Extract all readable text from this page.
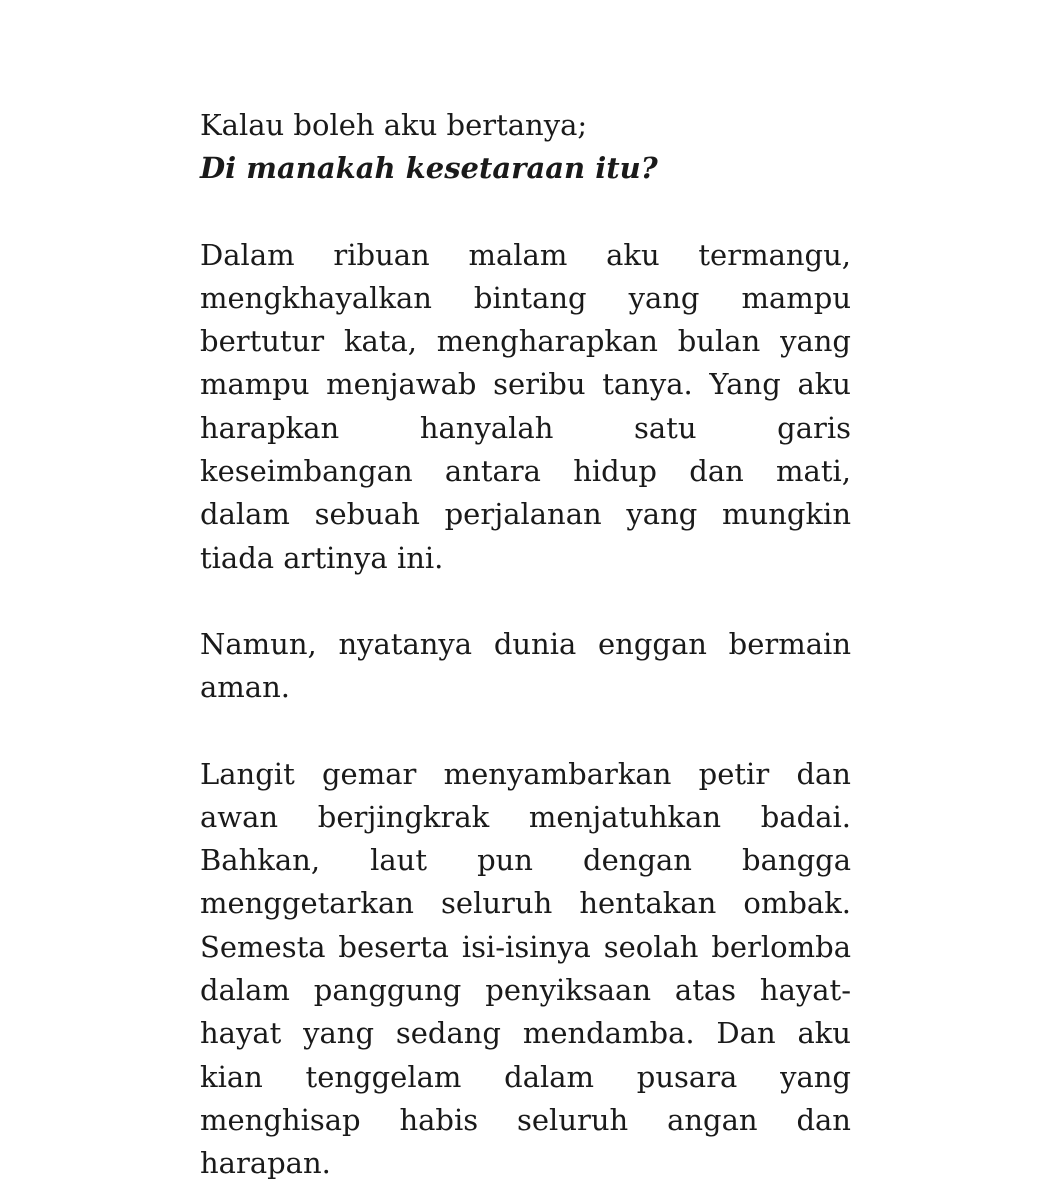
Kalau boleh aku bertanya;

Di manakah kesetaraan itu?

Dalam ribuan malam aku termangu, mengkhayalkan bintang yang mampu bertutur kata, mengharapkan bulan yang mampu menjawab seribu tanya. Yang aku harapkan hanyalah satu garis keseimbangan antara hidup dan mati, dalam sebuah perjalanan yang mungkin tiada artinya ini.

Namun, nyatanya dunia enggan bermain aman.

Langit gemar menyambarkan petir dan awan berjingkrak menjatuhkan badai. Bahkan, laut pun dengan bangga menggetarkan seluruh hentakan ombak. Semesta beserta isi-isinya seolah berlomba dalam panggung penyiksaan atas hayat-hayat yang sedang mendamba. Dan aku kian tenggelam dalam pusara yang menghisap habis seluruh angan dan harapan.
